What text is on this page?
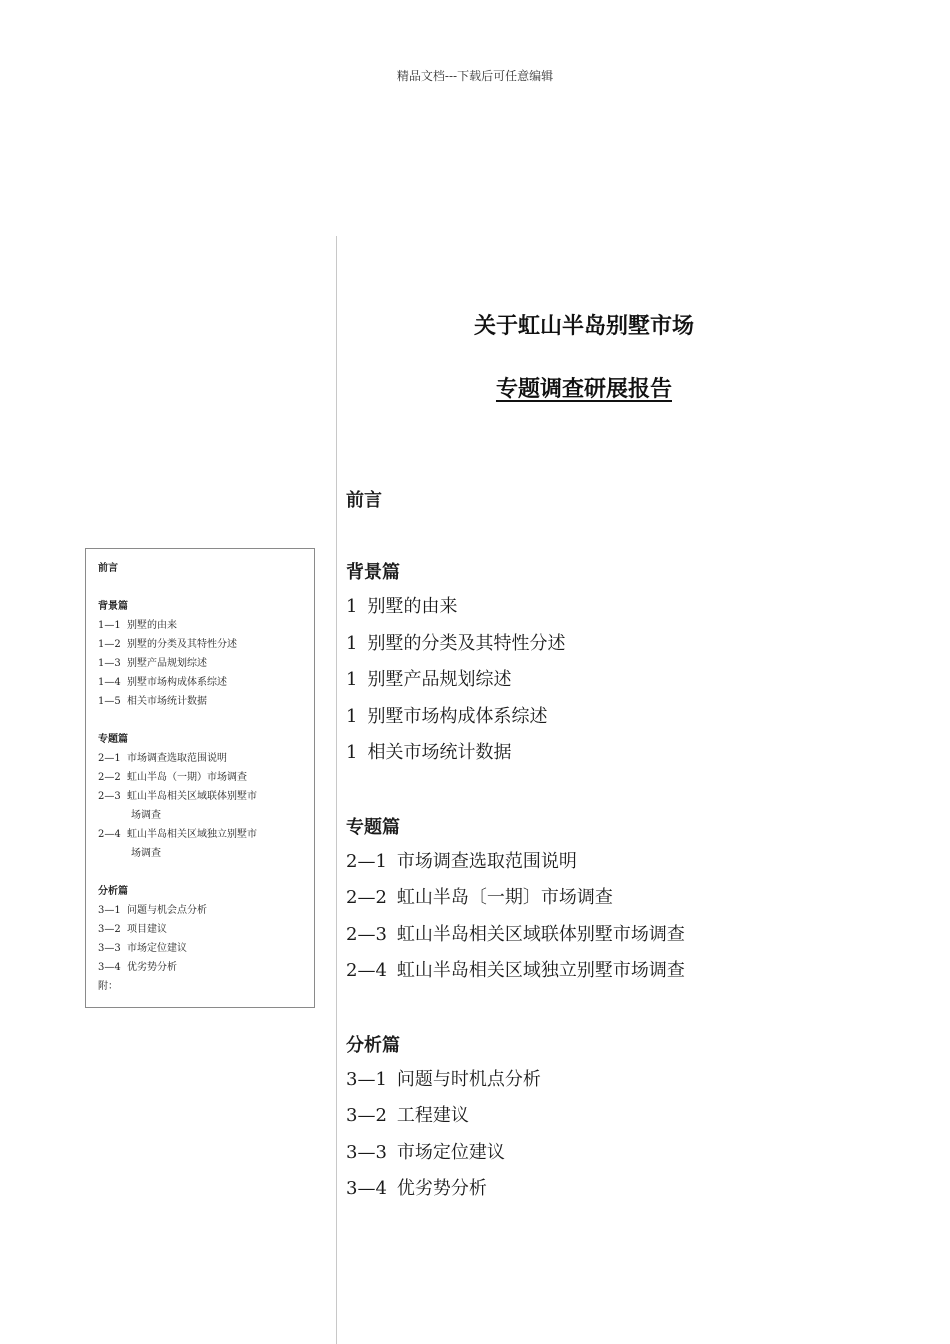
精品文档---下载后可任意编辑
关于虹山半岛别墅市场
专题调查研展报告
前言
背景篇
1 别墅的由来
1 别墅的分类及其特性分述
1 别墅产品规划综述
1 别墅市场构成体系综述
1 相关市场统计数据
专题篇
2—1 市场调查选取范围说明
2—2 虹山半岛〔一期〕市场调查
2—3 虹山半岛相关区域联体别墅市场调查
2—4 虹山半岛相关区域独立别墅市场调查
分析篇
3—1 问题与时机点分析
3—2 工程建议
3—3 市场定位建议
3—4 优劣势分析
前言
背景篇
1—1 别墅的由来
1—2 别墅的分类及其特性分述
1—3 别墅产品规划综述
1—4 别墅市场构成体系综述
1—5 相关市场统计数据
专题篇
2—1 市场调查选取范围说明
2—2 虹山半岛（一期）市场调查
2—3 虹山半岛相关区域联体别墅市
场调查
2—4 虹山半岛相关区域独立别墅市
场调查
分析篇
3—1 问题与机会点分析
3—2 项目建议
3—3 市场定位建议
3—4 优劣势分析
附：
